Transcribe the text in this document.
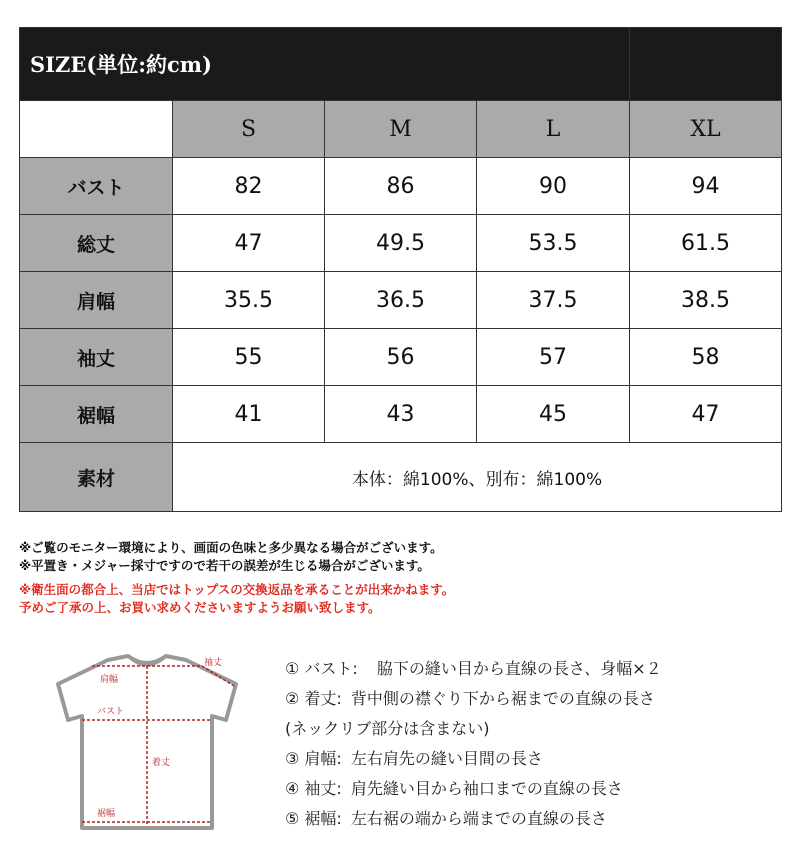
SIZE(単位:約cm)				
	S	M	L	XL
バスト	82	86	90	94
総丈	47	49.5	53.5	61.5
肩幅	35.5	36.5	37.5	38.5
袖丈	55	56	57	58
裾幅	41	43	45	47
素材	本体：綿100%、別布：綿100%			
※ご覧のモニター環境により、画面の色味と多少異なる場合がございます。
※平置き・メジャー採寸ですので若干の誤差が生じる場合がございます。
※衛生面の都合上、当店ではトップスの交換返品を承ることが出来かねます。
予めご了承の上、お買い求めくださいますようお願い致します。
肩幅
袖丈
バスト
着丈
裾幅
① バスト: 脇下の縫い目から直線の長さ、身幅×２
② 着丈: 背中側の襟ぐり下から裾までの直線の長さ
(ネックリブ部分は含まない)
③ 肩幅: 左右肩先の縫い目間の長さ
④ 袖丈: 肩先縫い目から袖口までの直線の長さ
⑤ 裾幅: 左右裾の端から端までの直線の長さ
